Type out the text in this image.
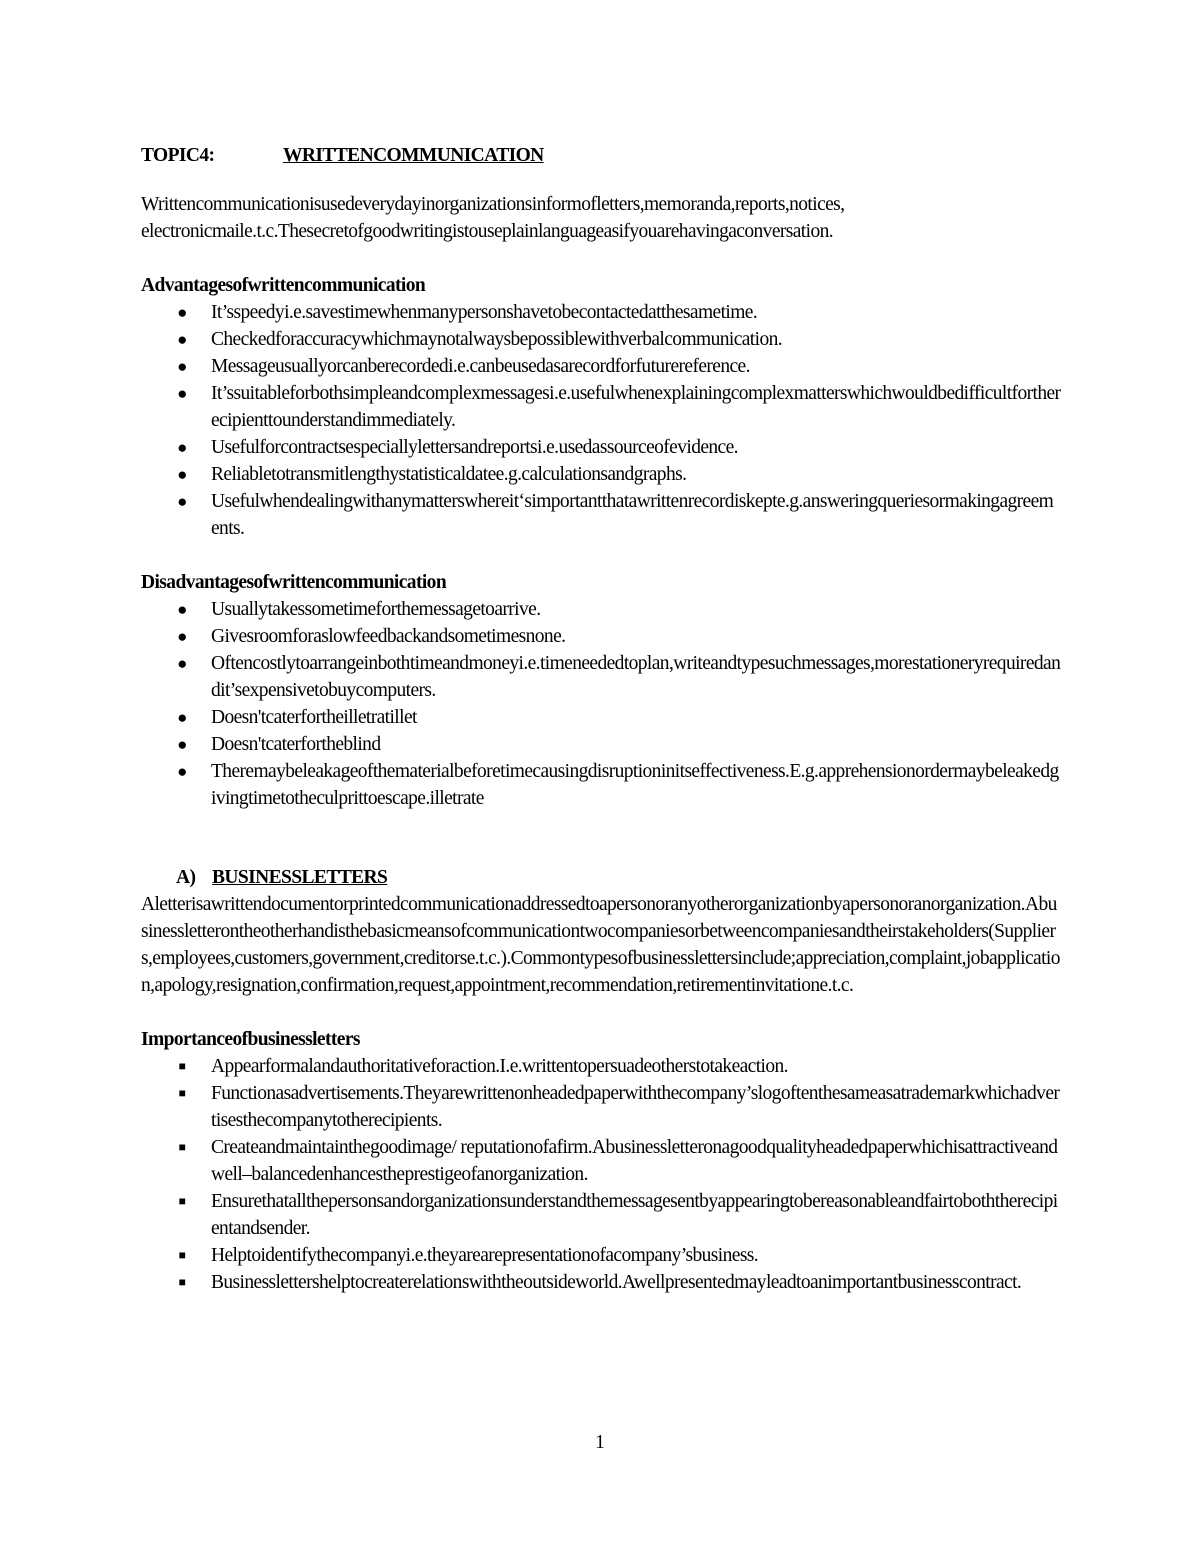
TOPIC4:	WRITTENCOMMUNICATION

Writtencommunicationisusedeverydayinorganizationsinformofletters,memoranda,reports,notices, electronicmaile.t.c.Thesecretofgoodwritingistouseplainlanguageasifyouarehavingaconversation.

Advantagesofwrittencommunication

● It’sspeedyi.e.savestimewhenmanypersonshavetobecontactedatthesametime.
● Checkedforaccuracywhichmaynotalwaysbepossiblewithverbalcommunication.
● Messageusuallyorcanberecordedi.e.canbeusedasarecordforfuturereference.
● It’ssuitableforbothsimpleandcomplexmessagesi.e.usefulwhenexplainingcomplexmatterswhichwouldbedifficultfortherecipienttounderstandimmediately.
● Usefulforcontractsespeciallylettersandreportsi.e.usedassourceofevidence.
● Reliabletotransmitlengthystatisticaldatee.g.calculationsandgraphs.
● Usefulwhendealingwithanymatterswhereit‘simportantthatawrittenrecordiskepte.g.answeringqueriesormakingagreements.

Disadvantagesofwrittencommunication

● Usuallytakessometimeforthemessagetoarrive.
● Givesroomforaslowfeedbackandsometimesnone.
● Oftencostlytoarrangeinbothtimeandmoneyi.e.timeneededtoplan,writeandtypesuchmessages,morestationeryrequiredandit’sexpensivetobuycomputers.
● Doesn'tcaterfortheilletratillet
● Doesn'tcaterfortheblind
● Theremaybeleakageofthematerialbeforetimecausingdisruptioninitseffectiveness.E.g.apprehensionordermaybeleakedgivingtimetotheculprittoescape.illetrate

A) BUSINESSLETTERS

Aletterisawrittendocumentorprintedcommunicationaddressedtoapersonoranyotherorganizationbyapersonoranorganization.Abusinessletterontheotherhandisthebasicmeansofcommunicationtwocompaniesorbetweencompaniesandtheirstakeholders(Suppliers,employees,customers,government,creditorse.t.c.).Commontypesofbusinesslettersinclude;appreciation,complaint,jobapplication,apology,resignation,confirmation,request,appointment,recommendation,retirementinvitatione.t.c.

Importanceofbusinessletters

■ Appearformalandauthoritativeforaction.I.e.writtentopersuadeotherstotakeaction.
■ Functionasadvertisements.Theyarewrittenonheadedpaperwiththecompany’slogoftenthesameasatrademarkwhichadvertisesthecompanytotherecipients.
■ Createandmaintainthegoodimage/ reputationofafirm.Abusinessletteronagoodqualityheadedpaperwhichisattractiveandwell–balancedenhancestheprestigeofanorganization.
■ Ensurethatallthepersonsandorganizationsunderstandthemessagesentbyappearingtobereasonableandfairtoboththerecipientandsender.
■ Helptoidentifythecompanyi.e.theyarearepresentationofacompany’sbusiness.
■ Businesslettershelptocreaterelationswiththeoutsideworld.Awellpresentedmayleadtoanimportantbusinesscontract.
1
